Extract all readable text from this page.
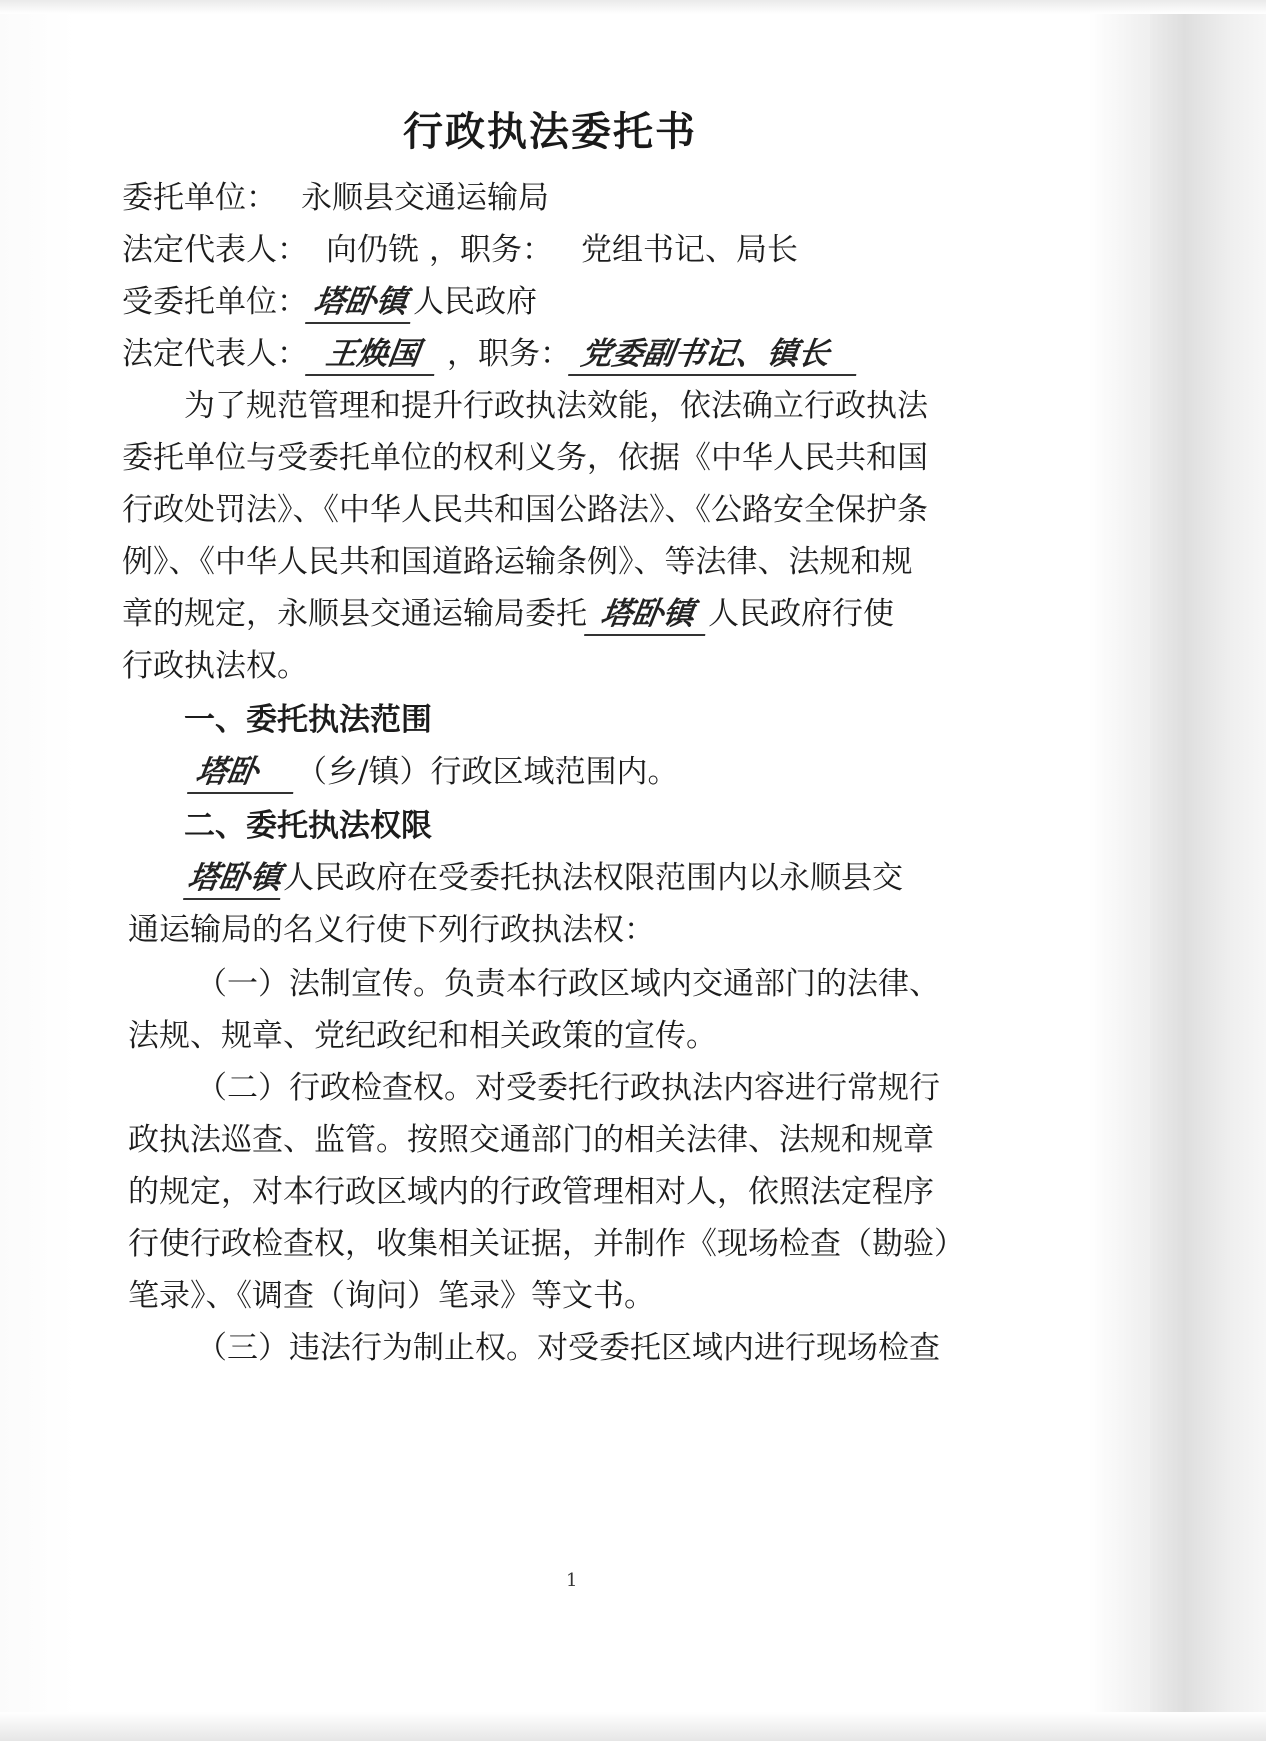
行政执法委托书
委托单位： 永顺县交通运输局
法定代表人： 向仍铣 ，职务： 党组书记、局长
受委托单位： 塔卧镇 人民政府
法定代表人： 王焕国 ，职务： 党委副书记、镇长
为了规范管理和提升行政执法效能，依法确立行政执法
委托单位与受委托单位的权利义务，依据《中华人民共和国
行政处罚法》、《中华人民共和国公路法》、《公路安全保护条
例》、《中华人民共和国道路运输条例》、等法律、法规和规
章的规定，永顺县交通运输局委托 塔卧镇 人民政府行使
行政执法权。
一、委托执法范围
塔卧 （乡/镇）行政区域范围内。
二、委托执法权限
塔卧镇人民政府在受委托执法权限范围内以永顺县交
通运输局的名义行使下列行政执法权：
（一）法制宣传。负责本行政区域内交通部门的法律、
法规、规章、党纪政纪和相关政策的宣传。
（二）行政检查权。对受委托行政执法内容进行常规行
政执法巡查、监管。按照交通部门的相关法律、法规和规章
的规定，对本行政区域内的行政管理相对人，依照法定程序
行使行政检查权，收集相关证据，并制作《现场检查（勘验）
笔录》、《调查（询问）笔录》等文书。
（三）违法行为制止权。对受委托区域内进行现场检查
1
